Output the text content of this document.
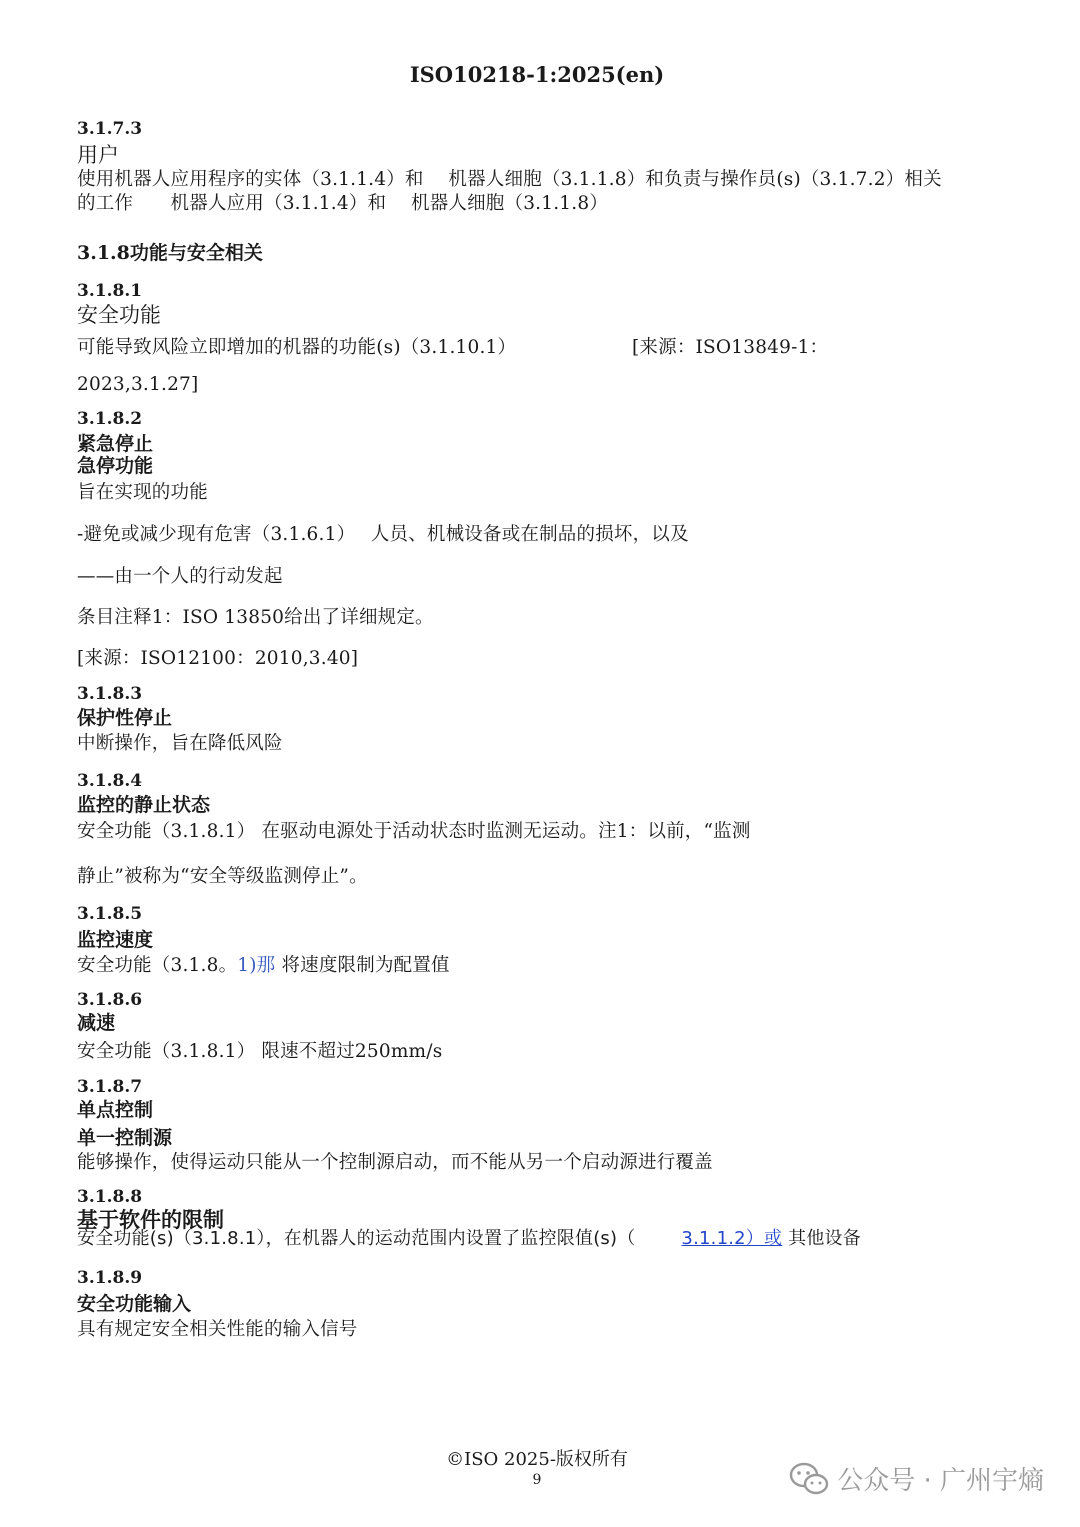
ISO10218-1:2025(en)
3.1.7.3
用户
使用机器人应用程序的实体（3.1.1.4）和　 机器人细胞（3.1.1.8）和负责与操作员(s)（3.1.7.2）相关
的工作　　机器人应用（3.1.1.4）和　 机器人细胞（3.1.1.8）
3.1.8功能与安全相关
3.1.8.1
安全功能
可能导致风险立即增加的机器的功能(s)（3.1.10.1）	[来源：ISO13849-1：
2023,3.1.27]
3.1.8.2
紧急停止
急停功能
旨在实现的功能
-避免或减少现有危害（3.1.6.1）　 人员、机械设备或在制品的损坏，以及
——由一个人的行动发起
条目注释1：ISO 13850给出了详细规定。
[来源：ISO12100：2010,3.40]
3.1.8.3
保护性停止
中断操作，旨在降低风险
3.1.8.4
监控的静止状态
安全功能（3.1.8.1） 在驱动电源处于活动状态时监测无运动。注1：以前，“监测
静止”被称为“安全等级监测停止”。
3.1.8.5
监控速度
安全功能（3.1.8。1)那 将速度限制为配置值
3.1.8.6
减速
安全功能（3.1.8.1） 限速不超过250mm/s
3.1.8.7
单点控制
单一控制源
能够操作，使得运动只能从一个控制源启动，而不能从另一个启动源进行覆盖
3.1.8.8
基于软件的限制
安全功能(s)（3.1.8.1），在机器人的运动范围内设置了监控限值(s)（	3.1.1.2）或 其他设备
3.1.8.9
安全功能输入
具有规定安全相关性能的输入信号
©ISO 2025-版权所有
9	公众号 · 广州宇熵
